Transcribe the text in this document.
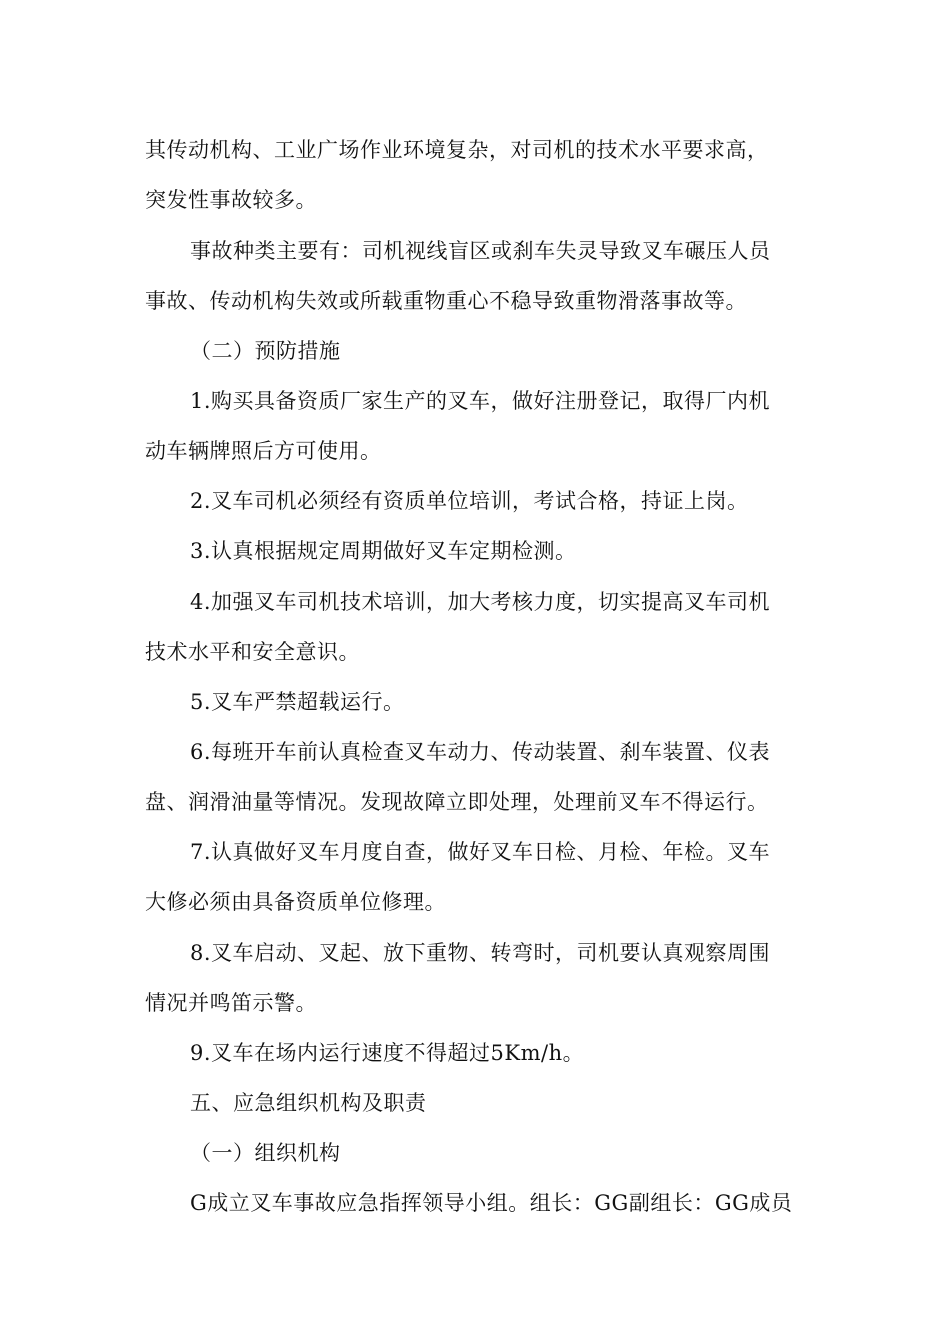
其传动机构、工业广场作业环境复杂，对司机的技术水平要求高，
突发性事故较多。
事故种类主要有：司机视线盲区或刹车失灵导致叉车碾压人员
事故、传动机构失效或所载重物重心不稳导致重物滑落事故等。
（二）预防措施
1.购买具备资质厂家生产的叉车，做好注册登记，取得厂内机
动车辆牌照后方可使用。
2.叉车司机必须经有资质单位培训，考试合格，持证上岗。
3.认真根据规定周期做好叉车定期检测。
4.加强叉车司机技术培训，加大考核力度，切实提高叉车司机
技术水平和安全意识。
5.叉车严禁超载运行。
6.每班开车前认真检查叉车动力、传动装置、刹车装置、仪表
盘、润滑油量等情况。发现故障立即处理，处理前叉车不得运行。
7.认真做好叉车月度自查，做好叉车日检、月检、年检。叉车
大修必须由具备资质单位修理。
8.叉车启动、叉起、放下重物、转弯时，司机要认真观察周围
情况并鸣笛示警。
9.叉车在场内运行速度不得超过5Km/h。
五、应急组织机构及职责
（一）组织机构
G成立叉车事故应急指挥领导小组。组长：GG副组长：GG成员
